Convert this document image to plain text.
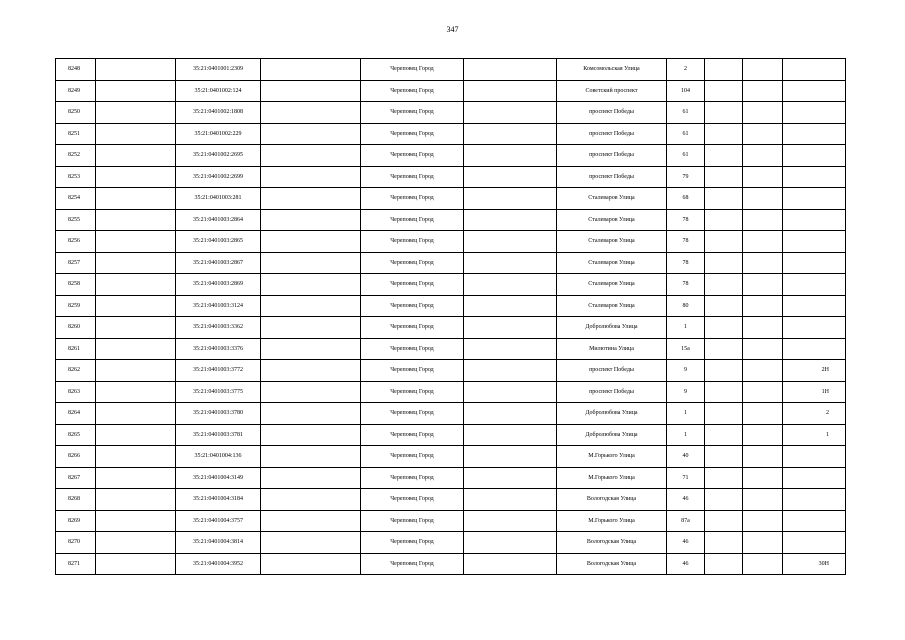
347
8248		35:21:0401001:2309		Череповец Город		Комсомольская Улица	2			
8249		35:21:0401002:124		Череповец Город		Советский проспект	104			
8250		35:21:0401002:1808		Череповец Город		проспект Победы	61			
8251		35:21:0401002:229		Череповец Город		проспект Победы	61			
8252		35:21:0401002:2695		Череповец Город		проспект Победы	61			
8253		35:21:0401002:2699		Череповец Город		проспект Победы	79			
8254		35:21:0401003:281		Череповец Город		Сталеваров Улица	68			
8255		35:21:0401003:2864		Череповец Город		Сталеваров Улица	78			
8256		35:21:0401003:2865		Череповец Город		Сталеваров Улица	78			
8257		35:21:0401003:2867		Череповец Город		Сталеваров Улица	78			
8258		35:21:0401003:2869		Череповец Город		Сталеваров Улица	78			
8259		35:21:0401003:3124		Череповец Город		Сталеваров Улица	80			
8260		35:21:0401003:3362		Череповец Город		Добролюбова Улица	1			
8261		35:21:0401003:3376		Череповец Город		Милютина Улица	15а			
8262		35:21:0401003:3772		Череповец Город		проспект Победы	9			2Н
8263		35:21:0401003:3775		Череповец Город		проспект Победы	9			1Н
8264		35:21:0401003:3780		Череповец Город		Добролюбова Улица	1			2
8265		35:21:0401003:3781		Череповец Город		Добролюбова Улица	1			1
8266		35:21:0401004:136		Череповец Город		М.Горького Улица	40			
8267		35:21:0401004:3149		Череповец Город		М.Горького Улица	71			
8268		35:21:0401004:3184		Череповец Город		Вологодская Улица	46			
8269		35:21:0401004:3757		Череповец Город		М.Горького Улица	87а			
8270		35:21:0401004:3814		Череповец Город		Вологодская Улица	46			
8271		35:21:0401004:3952		Череповец Город		Вологодская Улица	46			30Н
